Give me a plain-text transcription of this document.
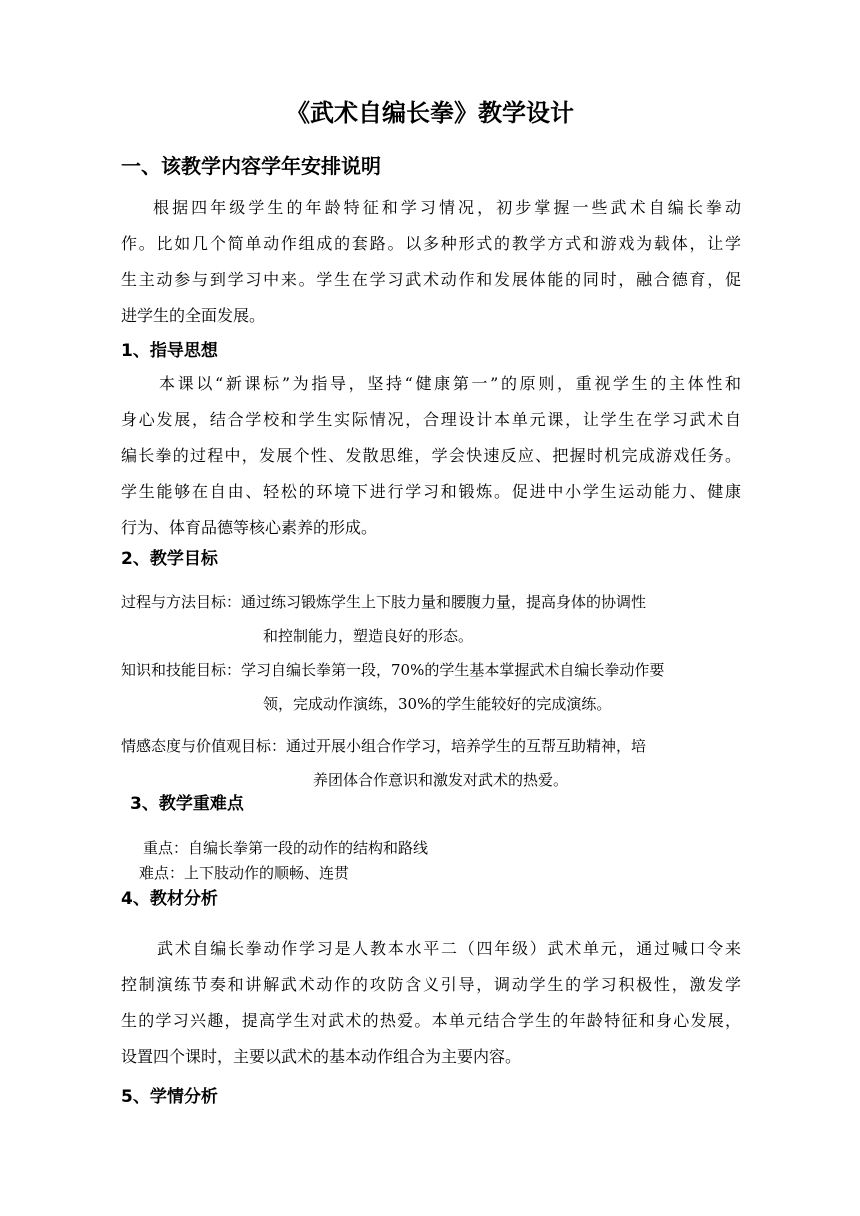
《武术自编长拳》教学设计
一、该教学内容学年安排说明
根据四年级学生的年龄特征和学习情况，初步掌握一些武术自编长拳动
作。比如几个简单动作组成的套路。以多种形式的教学方式和游戏为载体，让学
生主动参与到学习中来。学生在学习武术动作和发展体能的同时，融合德育，促
进学生的全面发展。
1、指导思想
本课以“新课标”为指导，坚持“健康第一”的原则，重视学生的主体性和
身心发展，结合学校和学生实际情况，合理设计本单元课，让学生在学习武术自
编长拳的过程中，发展个性、发散思维，学会快速反应、把握时机完成游戏任务。
学生能够在自由、轻松的环境下进行学习和锻炼。促进中小学生运动能力、健康
行为、体育品德等核心素养的形成。
2、教学目标
过程与方法目标：通过练习锻炼学生上下肢力量和腰腹力量，提高身体的协调性
和控制能力，塑造良好的形态。
知识和技能目标：学习自编长拳第一段，70%的学生基本掌握武术自编长拳动作要
领，完成动作演练，30%的学生能较好的完成演练。
情感态度与价值观目标：通过开展小组合作学习，培养学生的互帮互助精神，培
养团体合作意识和激发对武术的热爱。
3、教学重难点
重点：自编长拳第一段的动作的结构和路线
难点：上下肢动作的顺畅、连贯
4、教材分析
武术自编长拳动作学习是人教本水平二（四年级）武术单元，通过喊口令来
控制演练节奏和讲解武术动作的攻防含义引导，调动学生的学习积极性，激发学
生的学习兴趣，提高学生对武术的热爱。本单元结合学生的年龄特征和身心发展，
设置四个课时，主要以武术的基本动作组合为主要内容。
5、学情分析
